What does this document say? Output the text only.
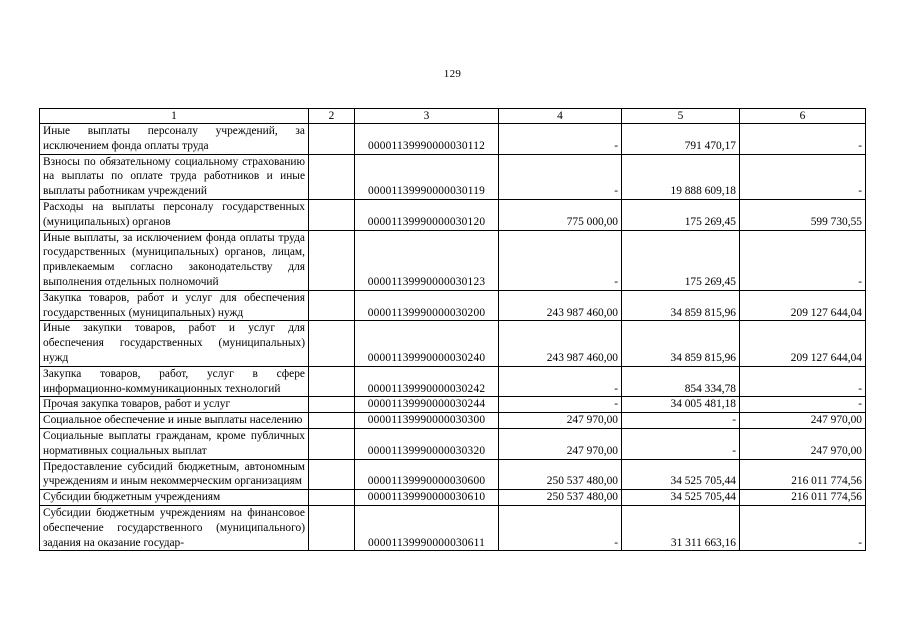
129
1	2	3	4	5	6
Иные выплаты персоналу учреждений, за исключением фонда оплаты труда		00001139990000030112	-	791 470,17	-
Взносы по обязательному социальному страхованию на выплаты по оплате труда работников и иные выплаты работникам учреждений		00001139990000030119	-	19 888 609,18	-
Расходы на выплаты персоналу государственных (муниципальных) органов		00001139990000030120	775 000,00	175 269,45	599 730,55
Иные выплаты, за исключением фонда оплаты труда государственных (муниципальных) органов, лицам, привлекаемым согласно законодательству для выполнения отдельных полномочий		00001139990000030123	-	175 269,45	-
Закупка товаров, работ и услуг для обеспечения государственных (муниципальных) нужд		00001139990000030200	243 987 460,00	34 859 815,96	209 127 644,04
Иные закупки товаров, работ и услуг для обеспечения государственных (муниципальных) нужд		00001139990000030240	243 987 460,00	34 859 815,96	209 127 644,04
Закупка товаров, работ, услуг в сфере информационно-коммуникационных технологий		00001139990000030242	-	854 334,78	-
Прочая закупка товаров, работ и услуг		00001139990000030244	-	34 005 481,18	-
Социальное обеспечение и иные выплаты населению		00001139990000030300	247 970,00	-	247 970,00
Социальные выплаты гражданам, кроме публичных нормативных социальных выплат		00001139990000030320	247 970,00	-	247 970,00
Предоставление субсидий бюджетным, автономным учреждениям и иным некоммерческим организациям		00001139990000030600	250 537 480,00	34 525 705,44	216 011 774,56
Субсидии бюджетным учреждениям		00001139990000030610	250 537 480,00	34 525 705,44	216 011 774,56
Субсидии бюджетным учреждениям на финансовое обеспечение государственного (муниципального) задания на оказание государ-		00001139990000030611	-	31 311 663,16	-
